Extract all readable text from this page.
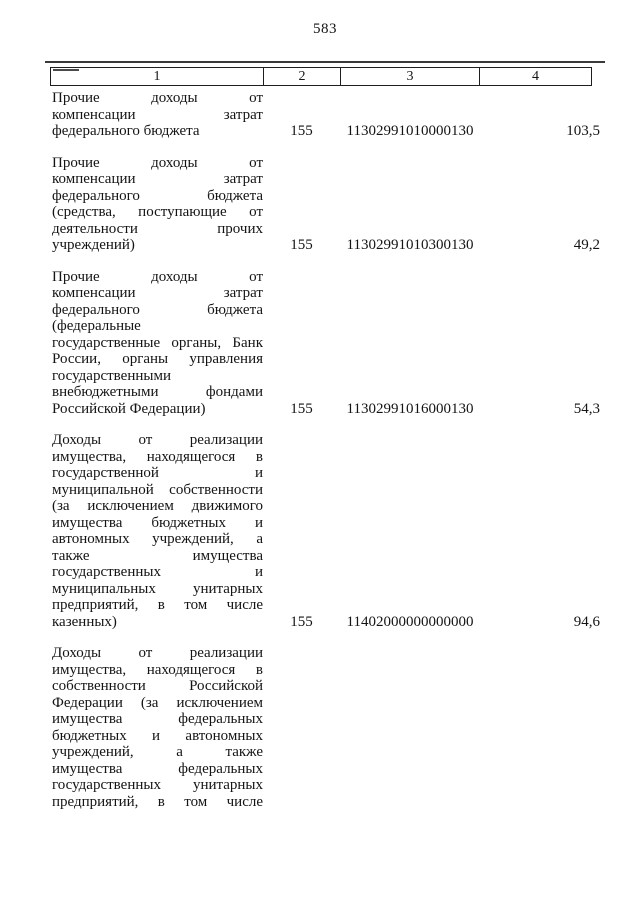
583
1	2	3	4
Прочие доходы от
компенсации затрат
федерального бюджета	155	11302991010000130	103,5
Прочие доходы от
компенсации затрат
федерального бюджета
(средства, поступающие от
деятельности прочих
учреждений)	155	11302991010300130	49,2
Прочие доходы от
компенсации затрат
федерального бюджета
(федеральные
государственные органы, Банк
России, органы управления
государственными
внебюджетными фондами
Российской Федерации)	155	11302991016000130	54,3
Доходы от реализации
имущества, находящегося в
государственной и
муниципальной собственности
(за исключением движимого
имущества бюджетных и
автономных учреждений, а
также имущества
государственных и
муниципальных унитарных
предприятий, в том числе
казенных)	155	11402000000000000	94,6
Доходы от реализации
имущества, находящегося в
собственности Российской
Федерации (за исключением
имущества федеральных
бюджетных и автономных
учреждений, а также
имущества федеральных
государственных унитарных
предприятий, в том числе
